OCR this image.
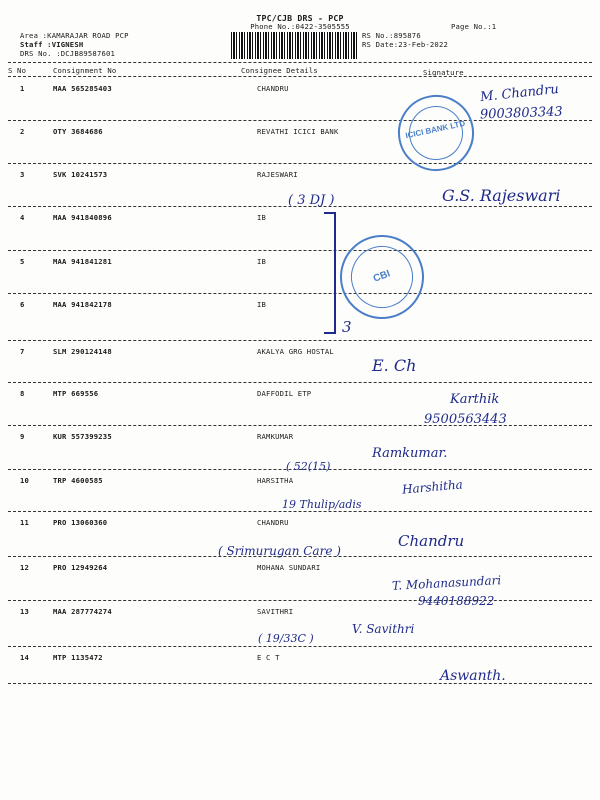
TPC/CJB DRS - PCP
Phone No.:0422-3505555	Page No.:1
Area :KAMARAJAR ROAD PCP
Staff :VIGNESH
DRS No. :DCJB89587601
RS No.:895876
RS Date:23-Feb-2022
S No	Consignment No	Consignee Details	Signature
1	MAA 565285403	CHANDRU
2	OTY 3684686	REVATHI ICICI BANK
3	SVK 10241573	RAJESWARI
4	MAA 941840896	IB
5	MAA 941841281	IB
6	MAA 941842178	IB
7	SLM 290124148	AKALYA GRG HOSTAL
8	MTP 669556	DAFFODIL ETP
9	KUR 557399235	RAMKUMAR
10	TRP 4600585	HARSITHA
11	PRO 13060360	CHANDRU
12	PRO 12949264	MOHANA SUNDARI
13	MAA 287774274	SAVITHRI
14	MTP 1135472	E C T
ICICI BANK LTD
CBI
( 3 DJ )
3
M. Chandru
9003803343
G.S. Rajeswari
E. Ch
Karthik
9500563443
Ramkumar.
( 52(15)
Harshitha
19 Thulip/adis
Chandru
( Srimurugan Care )
T. Mohanasundari
9440188922
( 19/33C )
V. Savithri
Aswanth.
